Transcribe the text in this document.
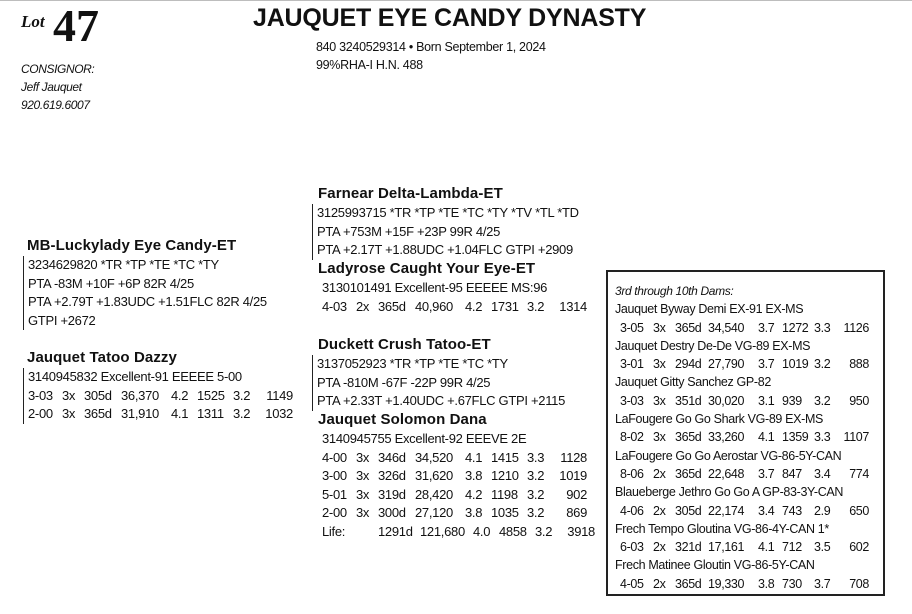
Lot 47
CONSIGNOR:
Jeff Jauquet
920.619.6007
JAUQUET EYE CANDY DYNASTY
840 3240529314 • Born September 1, 2024
99%RHA-I H.N. 488
MB-Luckylady Eye Candy-ET
3234629820 *TR *TP *TE *TC *TY
PTA -83M +10F +6P 82R 4/25
PTA +2.79T +1.83UDC +1.51FLC 82R 4/25
GTPI +2672
Jauquet Tatoo Dazzy
3140945832 Excellent-91 EEEEE 5-00
3-03 3x 305d 36,370 4.2 1525 3.2	1149
2-00 3x 365d 31,910 4.1 1311 3.2	1032
Farnear Delta-Lambda-ET
3125993715 *TR *TP *TE *TC *TY *TV *TL *TD
PTA +753M +15F +23P 99R 4/25
PTA +2.17T +1.88UDC +1.04FLC GTPI +2909
Ladyrose Caught Your Eye-ET
3130101491 Excellent-95 EEEEE MS:96
4-03 2x 365d 40,960 4.2 1731 3.2	1314
Duckett Crush Tatoo-ET
3137052923 *TR *TP *TE *TC *TY
PTA -810M -67F -22P 99R 4/25
PTA +2.33T +1.40UDC +.67FLC GTPI +2115
Jauquet Solomon Dana
3140945755 Excellent-92 EEEVE 2E
4-00 3x 346d 34,520 4.1 1415 3.3	1128
3-00 3x 326d 31,620 3.8 1210 3.2	1019
5-01 3x 319d 28,420 4.2 1198 3.2	902
2-00 3x 300d 27,120 3.8 1035 3.2	869
Life:	1291d 121,680 4.0 4858 3.2	3918
3rd through 10th Dams:
Jauquet Byway Demi EX-91 EX-MS
3-05 3x 365d 34,540	3.7 1272 3.3	1126
Jauquet Destry De-De VG-89 EX-MS
3-01 3x 294d 27,790	3.7 1019 3.2	888
Jauquet Gitty Sanchez GP-82
3-03 3x 351d 30,020	3.1 939 3.2	950
LaFougere Go Go Shark VG-89 EX-MS
8-02 3x 365d 33,260	4.1 1359 3.3	1107
LaFougere Go Go Aerostar VG-86-5Y-CAN
8-06 2x 365d 22,648	3.7 847 3.4	774
Blaueberge Jethro Go Go A GP-83-3Y-CAN
4-06 2x 305d 22,174	3.4 743 2.9	650
Frech Tempo Gloutina VG-86-4Y-CAN 1*
6-03 2x 321d 17,161	4.1 712 3.5	602
Frech Matinee Gloutin VG-86-5Y-CAN
4-05 2x 365d 19,330	3.8 730 3.7	708
